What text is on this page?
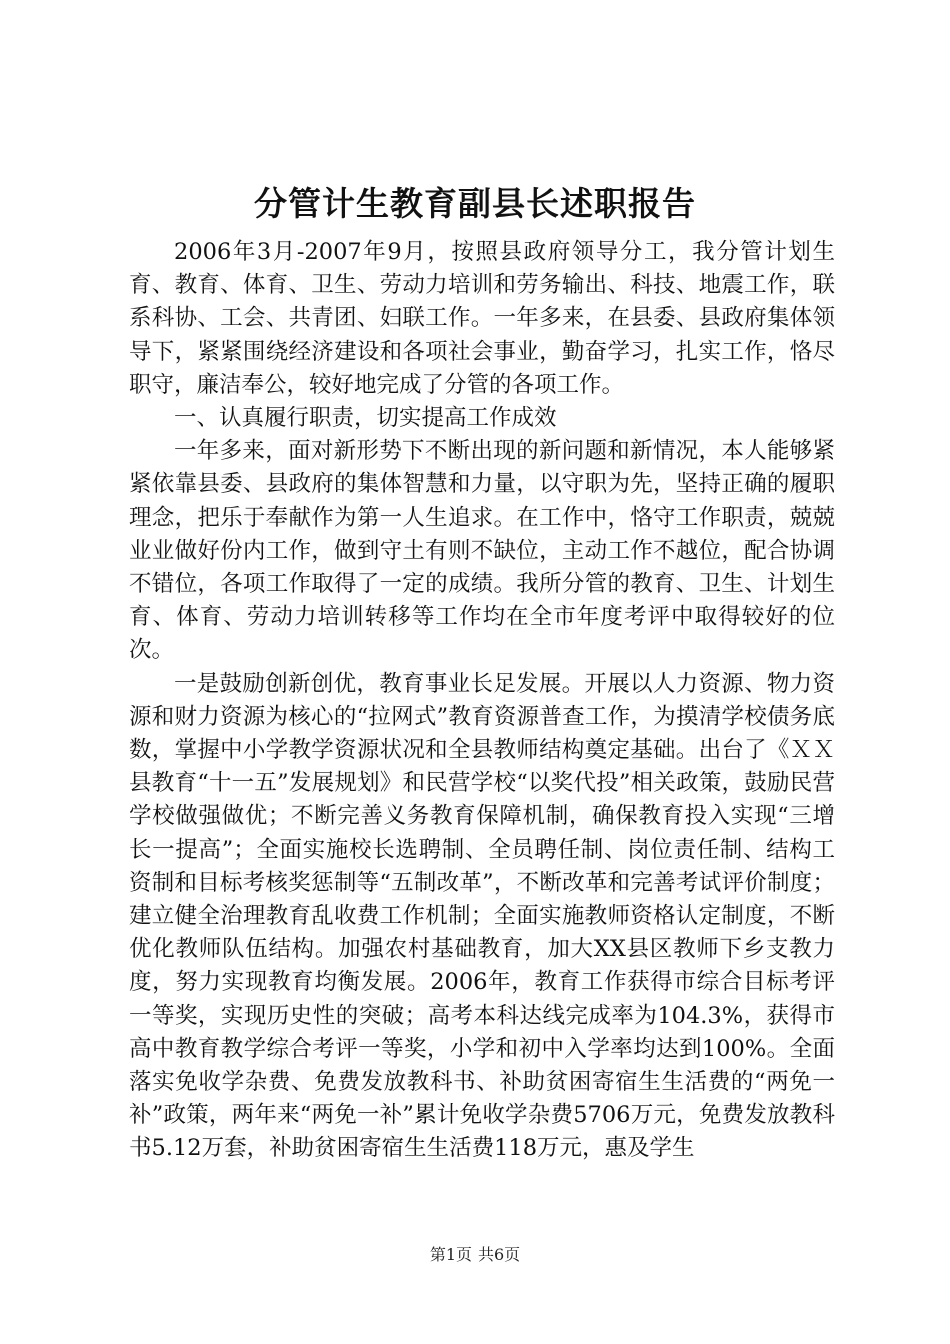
分管计生教育副县长述职报告

2006年3月-2007年9月，按照县政府领导分工，我分管计划生育、教育、体育、卫生、劳动力培训和劳务输出、科技、地震工作，联系科协、工会、共青团、妇联工作。一年多来，在县委、县政府集体领导下，紧紧围绕经济建设和各项社会事业，勤奋学习，扎实工作，恪尽职守，廉洁奉公，较好地完成了分管的各项工作。

一、认真履行职责，切实提高工作成效

一年多来，面对新形势下不断出现的新问题和新情况，本人能够紧紧依靠县委、县政府的集体智慧和力量，以守职为先，坚持正确的履职理念，把乐于奉献作为第一人生追求。在工作中，恪守工作职责，兢兢业业做好份内工作，做到守土有则不缺位，主动工作不越位，配合协调不错位，各项工作取得了一定的成绩。我所分管的教育、卫生、计划生育、体育、劳动力培训转移等工作均在全市年度考评中取得较好的位次。

一是鼓励创新创优，教育事业长足发展。开展以人力资源、物力资源和财力资源为核心的“拉网式”教育资源普查工作，为摸清学校债务底数，掌握中小学教学资源状况和全县教师结构奠定基础。出台了《ＸＸ县教育“十一五”发展规划》和民营学校“以奖代投”相关政策，鼓励民营学校做强做优；不断完善义务教育保障机制，确保教育投入实现“三增长一提高”；全面实施校长选聘制、全员聘任制、岗位责任制、结构工资制和目标考核奖惩制等“五制改革”，不断改革和完善考试评价制度；建立健全治理教育乱收费工作机制；全面实施教师资格认定制度，不断优化教师队伍结构。加强农村基础教育，加大XX县区教师下乡支教力度，努力实现教育均衡发展。2006年，教育工作获得市综合目标考评一等奖，实现历史性的突破；高考本科达线完成率为104.3%，获得市高中教育教学综合考评一等奖，小学和初中入学率均达到100%。全面落实免收学杂费、免费发放教科书、补助贫困寄宿生生活费的“两免一补”政策，两年来“两免一补”累计免收学杂费5706万元，免费发放教科书5.12万套，补助贫困寄宿生生活费118万元，惠及学生

第1页 共6页
